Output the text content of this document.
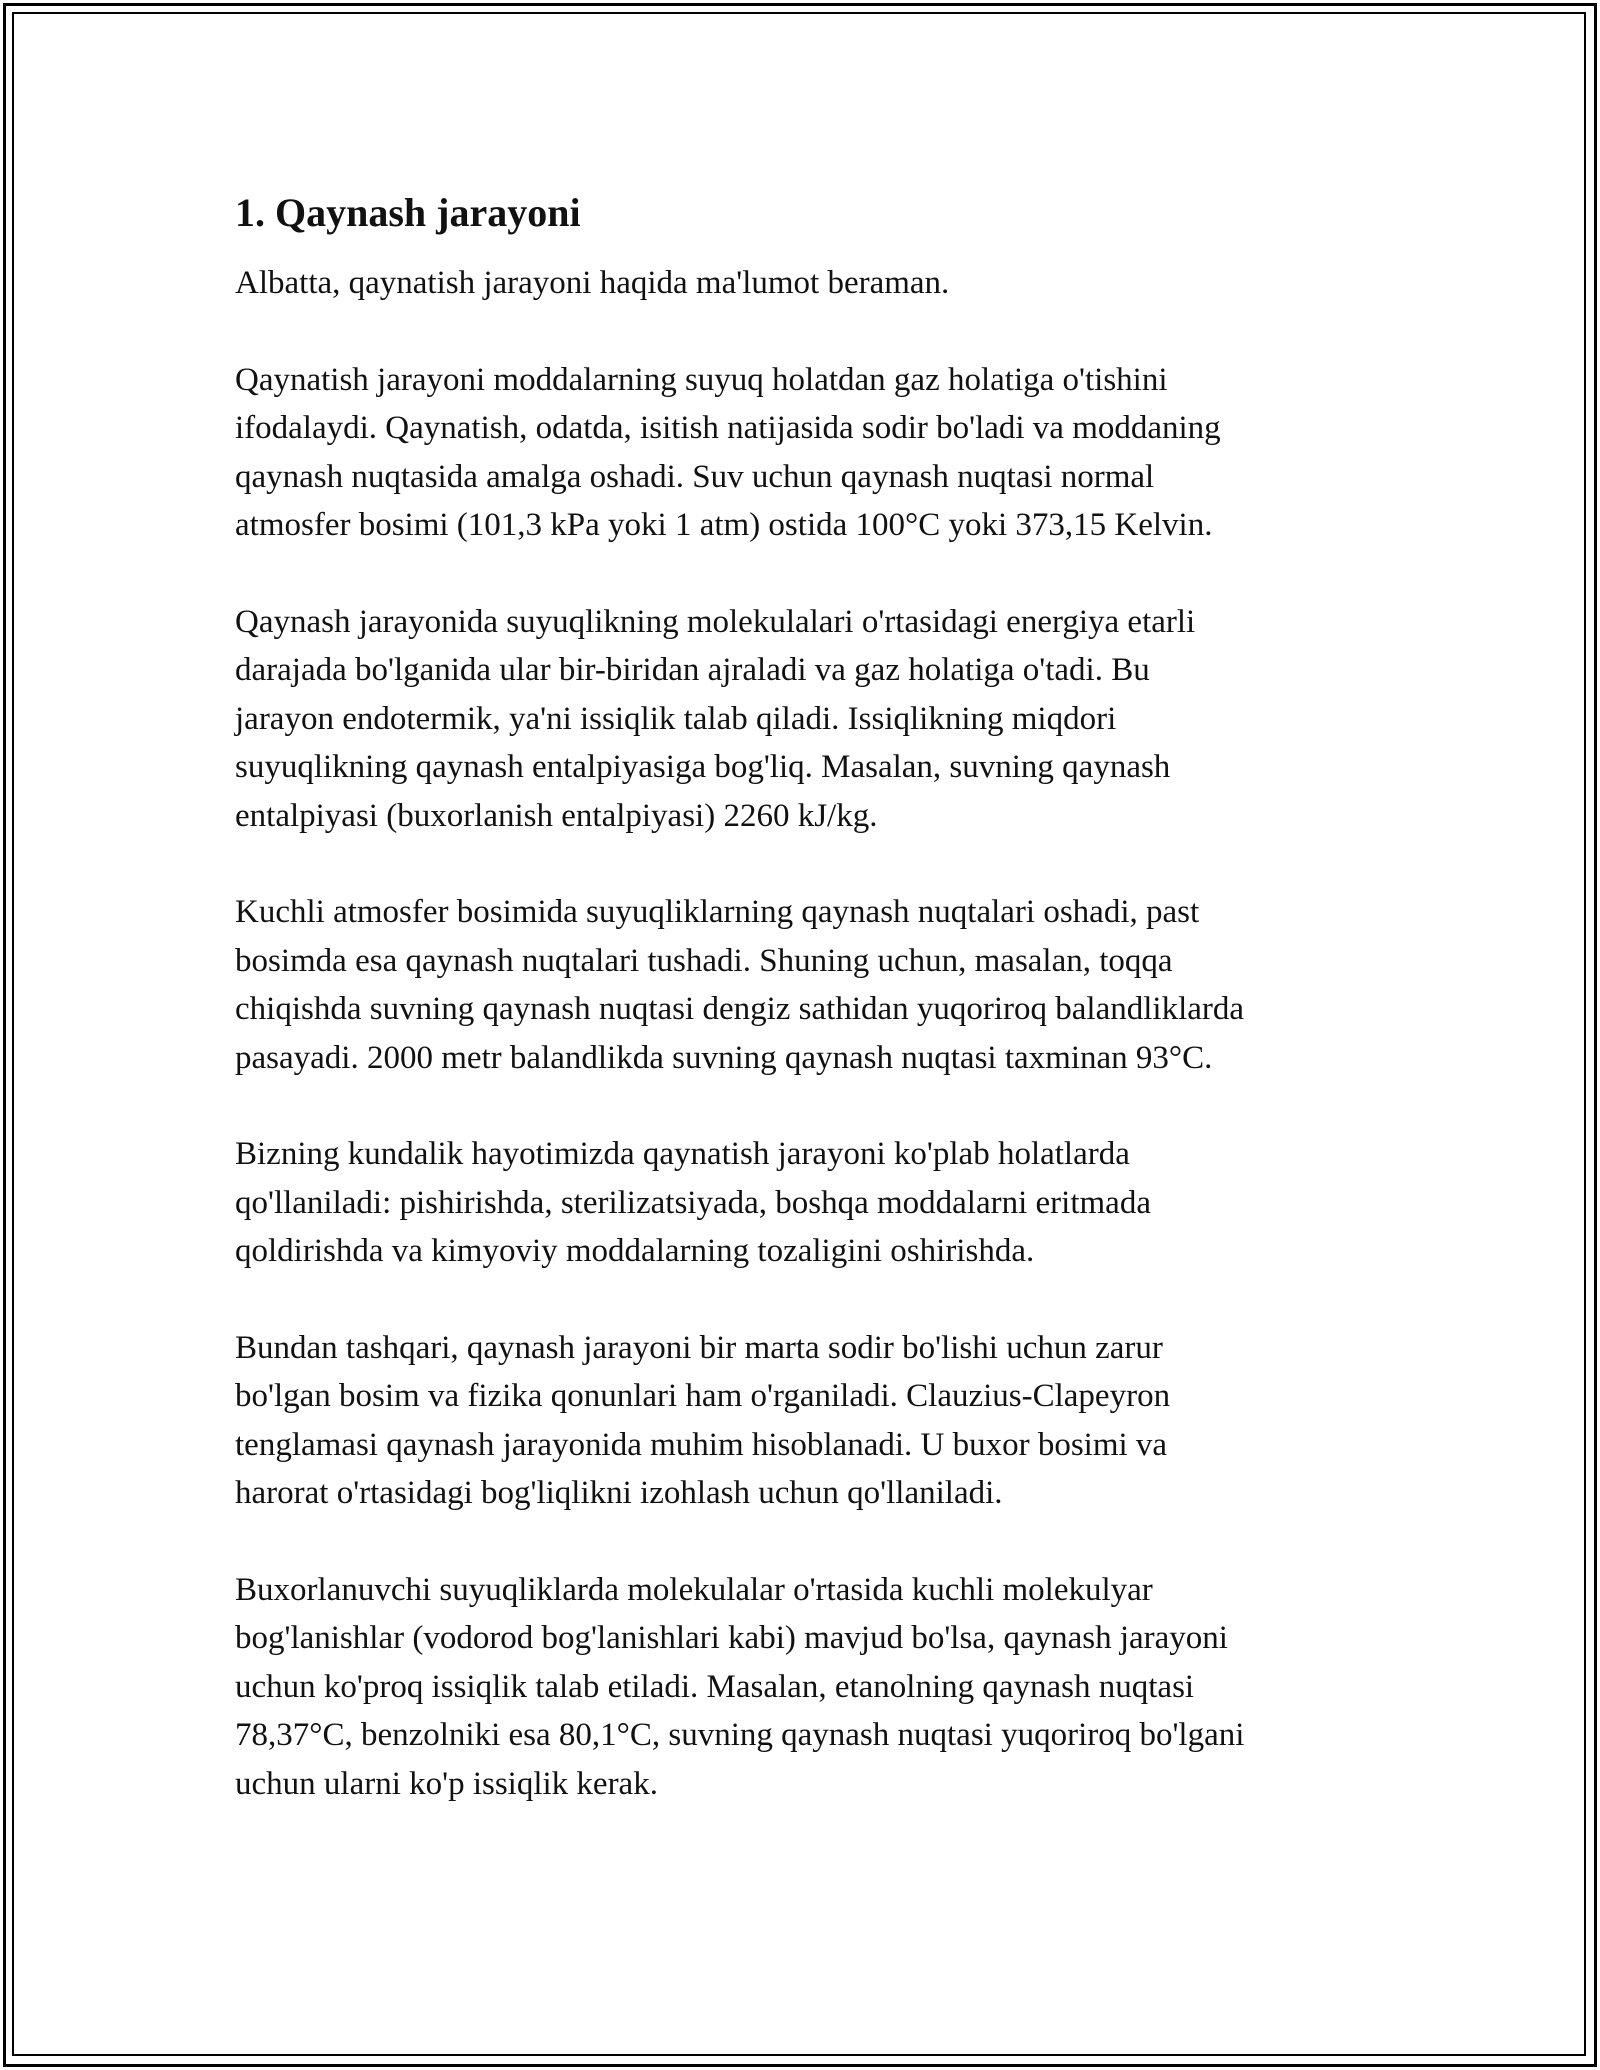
1. Qaynash jarayoni

Albatta, qaynatish jarayoni haqida ma'lumot beraman.

Qaynatish jarayoni moddalarning suyuq holatdan gaz holatiga o'tishini
ifodalaydi. Qaynatish, odatda, isitish natijasida sodir bo'ladi va moddaning
qaynash nuqtasida amalga oshadi. Suv uchun qaynash nuqtasi normal
atmosfer bosimi (101,3 kPa yoki 1 atm) ostida 100°C yoki 373,15 Kelvin.

Qaynash jarayonida suyuqlikning molekulalari o'rtasidagi energiya etarli
darajada bo'lganida ular bir-biridan ajraladi va gaz holatiga o'tadi. Bu
jarayon endotermik, ya'ni issiqlik talab qiladi. Issiqlikning miqdori
suyuqlikning qaynash entalpiyasiga bog'liq. Masalan, suvning qaynash
entalpiyasi (buxorlanish entalpiyasi) 2260 kJ/kg.

Kuchli atmosfer bosimida suyuqliklarning qaynash nuqtalari oshadi, past
bosimda esa qaynash nuqtalari tushadi. Shuning uchun, masalan, toqqa
chiqishda suvning qaynash nuqtasi dengiz sathidan yuqoriroq balandliklarda
pasayadi. 2000 metr balandlikda suvning qaynash nuqtasi taxminan 93°C.

Bizning kundalik hayotimizda qaynatish jarayoni ko'plab holatlarda
qo'llaniladi: pishirishda, sterilizatsiyada, boshqa moddalarni eritmada
qoldirishda va kimyoviy moddalarning tozaligini oshirishda.

Bundan tashqari, qaynash jarayoni bir marta sodir bo'lishi uchun zarur
bo'lgan bosim va fizika qonunlari ham o'rganiladi. Clauzius-Clapeyron
tenglamasi qaynash jarayonida muhim hisoblanadi. U buxor bosimi va
harorat o'rtasidagi bog'liqlikni izohlash uchun qo'llaniladi.

Buxorlanuvchi suyuqliklarda molekulalar o'rtasida kuchli molekulyar
bog'lanishlar (vodorod bog'lanishlari kabi) mavjud bo'lsa, qaynash jarayoni
uchun ko'proq issiqlik talab etiladi. Masalan, etanolning qaynash nuqtasi
78,37°C, benzolniki esa 80,1°C, suvning qaynash nuqtasi yuqoriroq bo'lgani
uchun ularni ko'p issiqlik kerak.
